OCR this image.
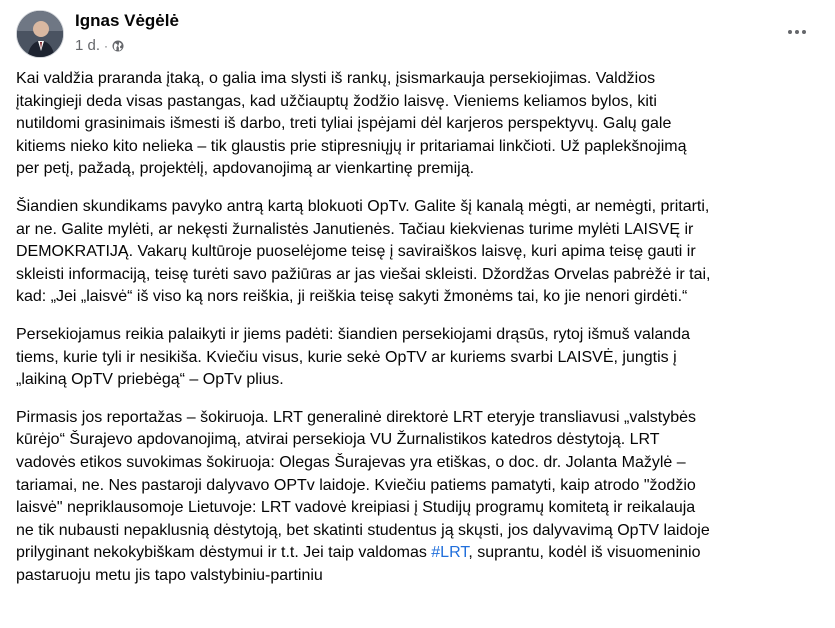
Ignas Vėgėlė
1 d. ·

Kai valdžia praranda įtaką, o galia ima slysti iš rankų, įsismarkauja persekiojimas. Valdžios
įtakingieji deda visas pastangas, kad užčiauptų žodžio laisvę. Vieniems keliamos bylos, kiti
nutildomi grasinimais išmesti iš darbo, treti tyliai įspėjami dėl karjeros perspektyvų. Galų gale
kitiems nieko kito nelieka – tik glaustis prie stipresniųjų ir pritariamai linkčioti. Už paplekšnojimą
per petį, pažadą, projektėlį, apdovanojimą ar vienkartinę premiją.

Šiandien skundikams pavyko antrą kartą blokuoti OpTv. Galite šį kanalą mėgti, ar nemėgti, pritarti,
ar ne. Galite mylėti, ar nekęsti žurnalistės Janutienės. Tačiau kiekvienas turime mylėti LAISVĘ ir
DEMOKRATIJĄ. Vakarų kultūroje puoselėjome teisę į saviraiškos laisvę, kuri apima teisę gauti ir
skleisti informaciją, teisę turėti savo pažiūras ar jas viešai skleisti. Džordžas Orvelas pabrėžė ir tai,
kad: „Jei „laisvė“ iš viso ką nors reiškia, ji reiškia teisę sakyti žmonėms tai, ko jie nenori girdėti.“

Persekiojamus reikia palaikyti ir jiems padėti: šiandien persekiojami drąsūs, rytoj išmuš valanda
tiems, kurie tyli ir nesikiša. Kviečiu visus, kurie sekė OpTV ar kuriems svarbi LAISVĖ, jungtis į
„laikiną OpTV priebėgą“ – OpTv plius.

Pirmasis jos reportažas – šokiruoja. LRT generalinė direktorė LRT eteryje transliavusi „valstybės
kūrėjo“ Šurajevo apdovanojimą, atvirai persekioja VU Žurnalistikos katedros dėstytoją. LRT
vadovės etikos suvokimas šokiruoja: Olegas Šurajevas yra etiškas, o doc. dr. Jolanta Mažylė –
tariamai, ne. Nes pastaroji dalyvavo OPTv laidoje. Kviečiu patiems pamatyti, kaip atrodo "žodžio
laisvė" nepriklausomoje Lietuvoje: LRT vadovė kreipiasi į Studijų programų komitetą ir reikalauja
ne tik nubausti nepaklusnią dėstytoją, bet skatinti studentus ją skųsti, jos dalyvavimą OpTV laidoje
prilyginant nekokybiškam dėstymui ir t.t. Jei taip valdomas #LRT, suprantu, kodėl iš visuomeninio
pastaruoju metu jis tapo valstybiniu-partiniu
